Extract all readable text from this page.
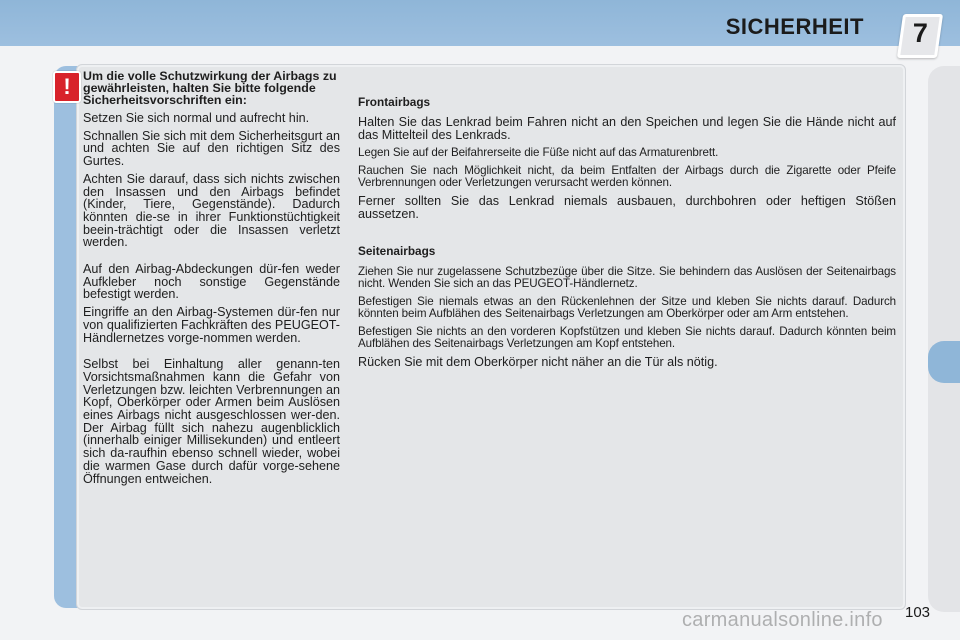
SICHERHEIT	7
! Um die volle Schutzwirkung der Airbags zu gewährleisten, halten Sie bitte folgende Sicherheitsvorschriften ein:

Setzen Sie sich normal und aufrecht hin.

Schnallen Sie sich mit dem Sicherheitsgurt an und achten Sie auf den richtigen Sitz des Gurtes.

Achten Sie darauf, dass sich nichts zwischen den Insassen und den Airbags befindet (Kinder, Tiere, Gegenstände). Dadurch könnten die-se in ihrer Funktionstüchtigkeit beein-trächtigt oder die Insassen verletzt werden.

Auf den Airbag-Abdeckungen dür-fen weder Aufkleber noch sonstige Gegenstände befestigt werden.

Eingriffe an den Airbag-Systemen dür-fen nur von qualifizierten Fachkräften des PEUGEOT-Händlernetzes vorge-nommen werden.

Selbst bei Einhaltung aller genann-ten Vorsichtsmaßnahmen kann die Gefahr von Verletzungen bzw. leichten Verbrennungen an Kopf, Oberkörper oder Armen beim Auslösen eines Airbags nicht ausgeschlossen wer-den. Der Airbag füllt sich nahezu augenblicklich (innerhalb einiger Millisekunden) und entleert sich da-raufhin ebenso schnell wieder, wobei die warmen Gase durch dafür vorge-sehene Öffnungen entweichen.

Frontairbags

Halten Sie das Lenkrad beim Fahren nicht an den Speichen und legen Sie die Hände nicht auf das Mittelteil des Lenkrads.

Legen Sie auf der Beifahrerseite die Füße nicht auf das Armaturenbrett.

Rauchen Sie nach Möglichkeit nicht, da beim Entfalten der Airbags durch die Zigarette oder Pfeife Verbrennungen oder Verletzungen verursacht werden können.

Ferner sollten Sie das Lenkrad niemals ausbauen, durchbohren oder heftigen Stößen aussetzen.

Seitenairbags

Ziehen Sie nur zugelassene Schutzbezüge über die Sitze. Sie behindern das Auslösen der Seitenairbags nicht. Wenden Sie sich an das PEUGEOT-Händlernetz.

Befestigen Sie niemals etwas an den Rückenlehnen der Sitze und kleben Sie nichts darauf. Dadurch könnten beim Aufblähen des Seitenairbags Verletzungen am Oberkörper oder am Arm entstehen.

Befestigen Sie nichts an den vorderen Kopfstützen und kleben Sie nichts darauf. Dadurch könnten beim Aufblähen des Seitenairbags Verletzungen am Kopf entstehen.

Rücken Sie mit dem Oberkörper nicht näher an die Tür als nötig.

103
carmanualsonline.info
